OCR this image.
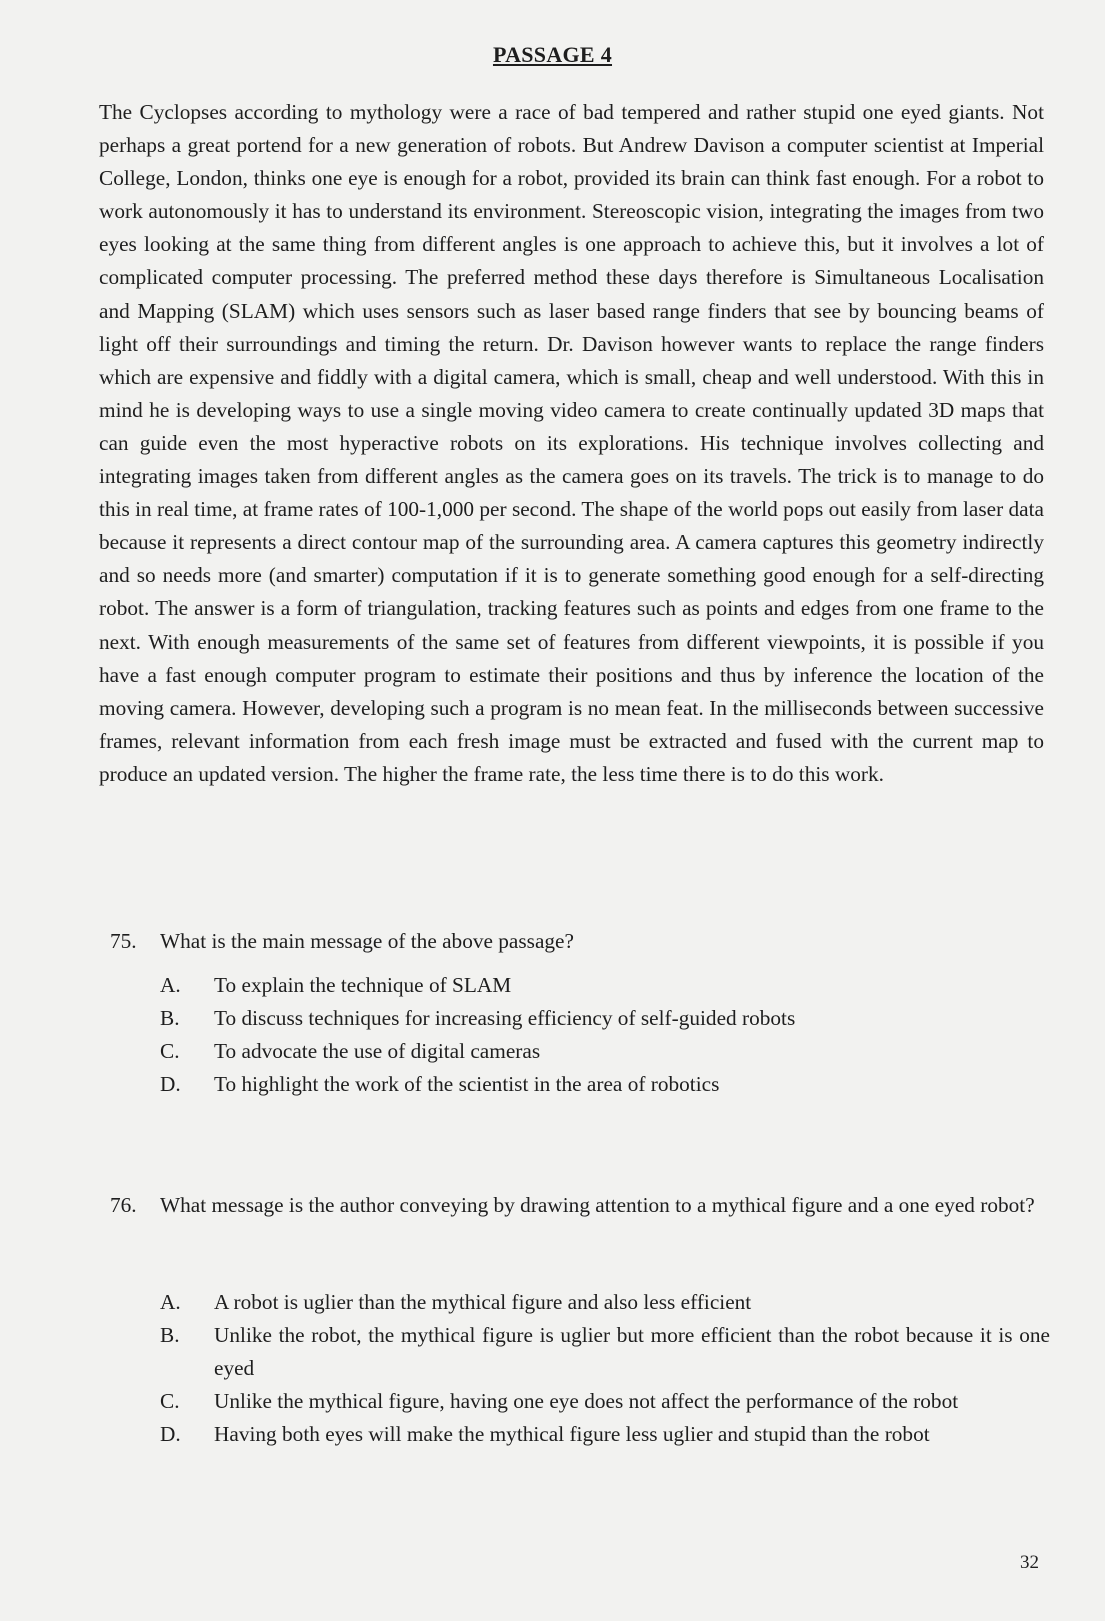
PASSAGE 4

The Cyclopses according to mythology were a race of bad tempered and rather stupid one eyed giants. Not perhaps a great portend for a new generation of robots. But Andrew Davison a computer scientist at Imperial College, London, thinks one eye is enough for a robot, provided its brain can think fast enough. For a robot to work autonomously it has to understand its environment. Stereoscopic vision, integrating the images from two eyes looking at the same thing from different angles is one approach to achieve this, but it involves a lot of complicated computer processing. The preferred method these days therefore is Simultaneous Localisation and Mapping (SLAM) which uses sensors such as laser based range finders that see by bouncing beams of light off their surroundings and timing the return. Dr. Davison however wants to replace the range finders which are expensive and fiddly with a digital camera, which is small, cheap and well understood. With this in mind he is developing ways to use a single moving video camera to create continually updated 3D maps that can guide even the most hyperactive robots on its explorations. His technique involves collecting and integrating images taken from different angles as the camera goes on its travels. The trick is to manage to do this in real time, at frame rates of 100-1,000 per second. The shape of the world pops out easily from laser data because it represents a direct contour map of the surrounding area. A camera captures this geometry indirectly and so needs more (and smarter) computation if it is to generate something good enough for a self-directing robot. The answer is a form of triangulation, tracking features such as points and edges from one frame to the next. With enough measurements of the same set of features from different viewpoints, it is possible if you have a fast enough computer program to estimate their positions and thus by inference the location of the moving camera. However, developing such a program is no mean feat. In the milliseconds between successive frames, relevant information from each fresh image must be extracted and fused with the current map to produce an updated version. The higher the frame rate, the less time there is to do this work.

75. What is the main message of the above passage?
A. To explain the technique of SLAM
B. To discuss techniques for increasing efficiency of self-guided robots
C. To advocate the use of digital cameras
D. To highlight the work of the scientist in the area of robotics
76. What message is the author conveying by drawing attention to a mythical figure and a one eyed robot?
A. A robot is uglier than the mythical figure and also less efficient
B. Unlike the robot, the mythical figure is uglier but more efficient than the robot because it is one eyed
C. Unlike the mythical figure, having one eye does not affect the performance of the robot
D. Having both eyes will make the mythical figure less uglier and stupid than the robot
32
